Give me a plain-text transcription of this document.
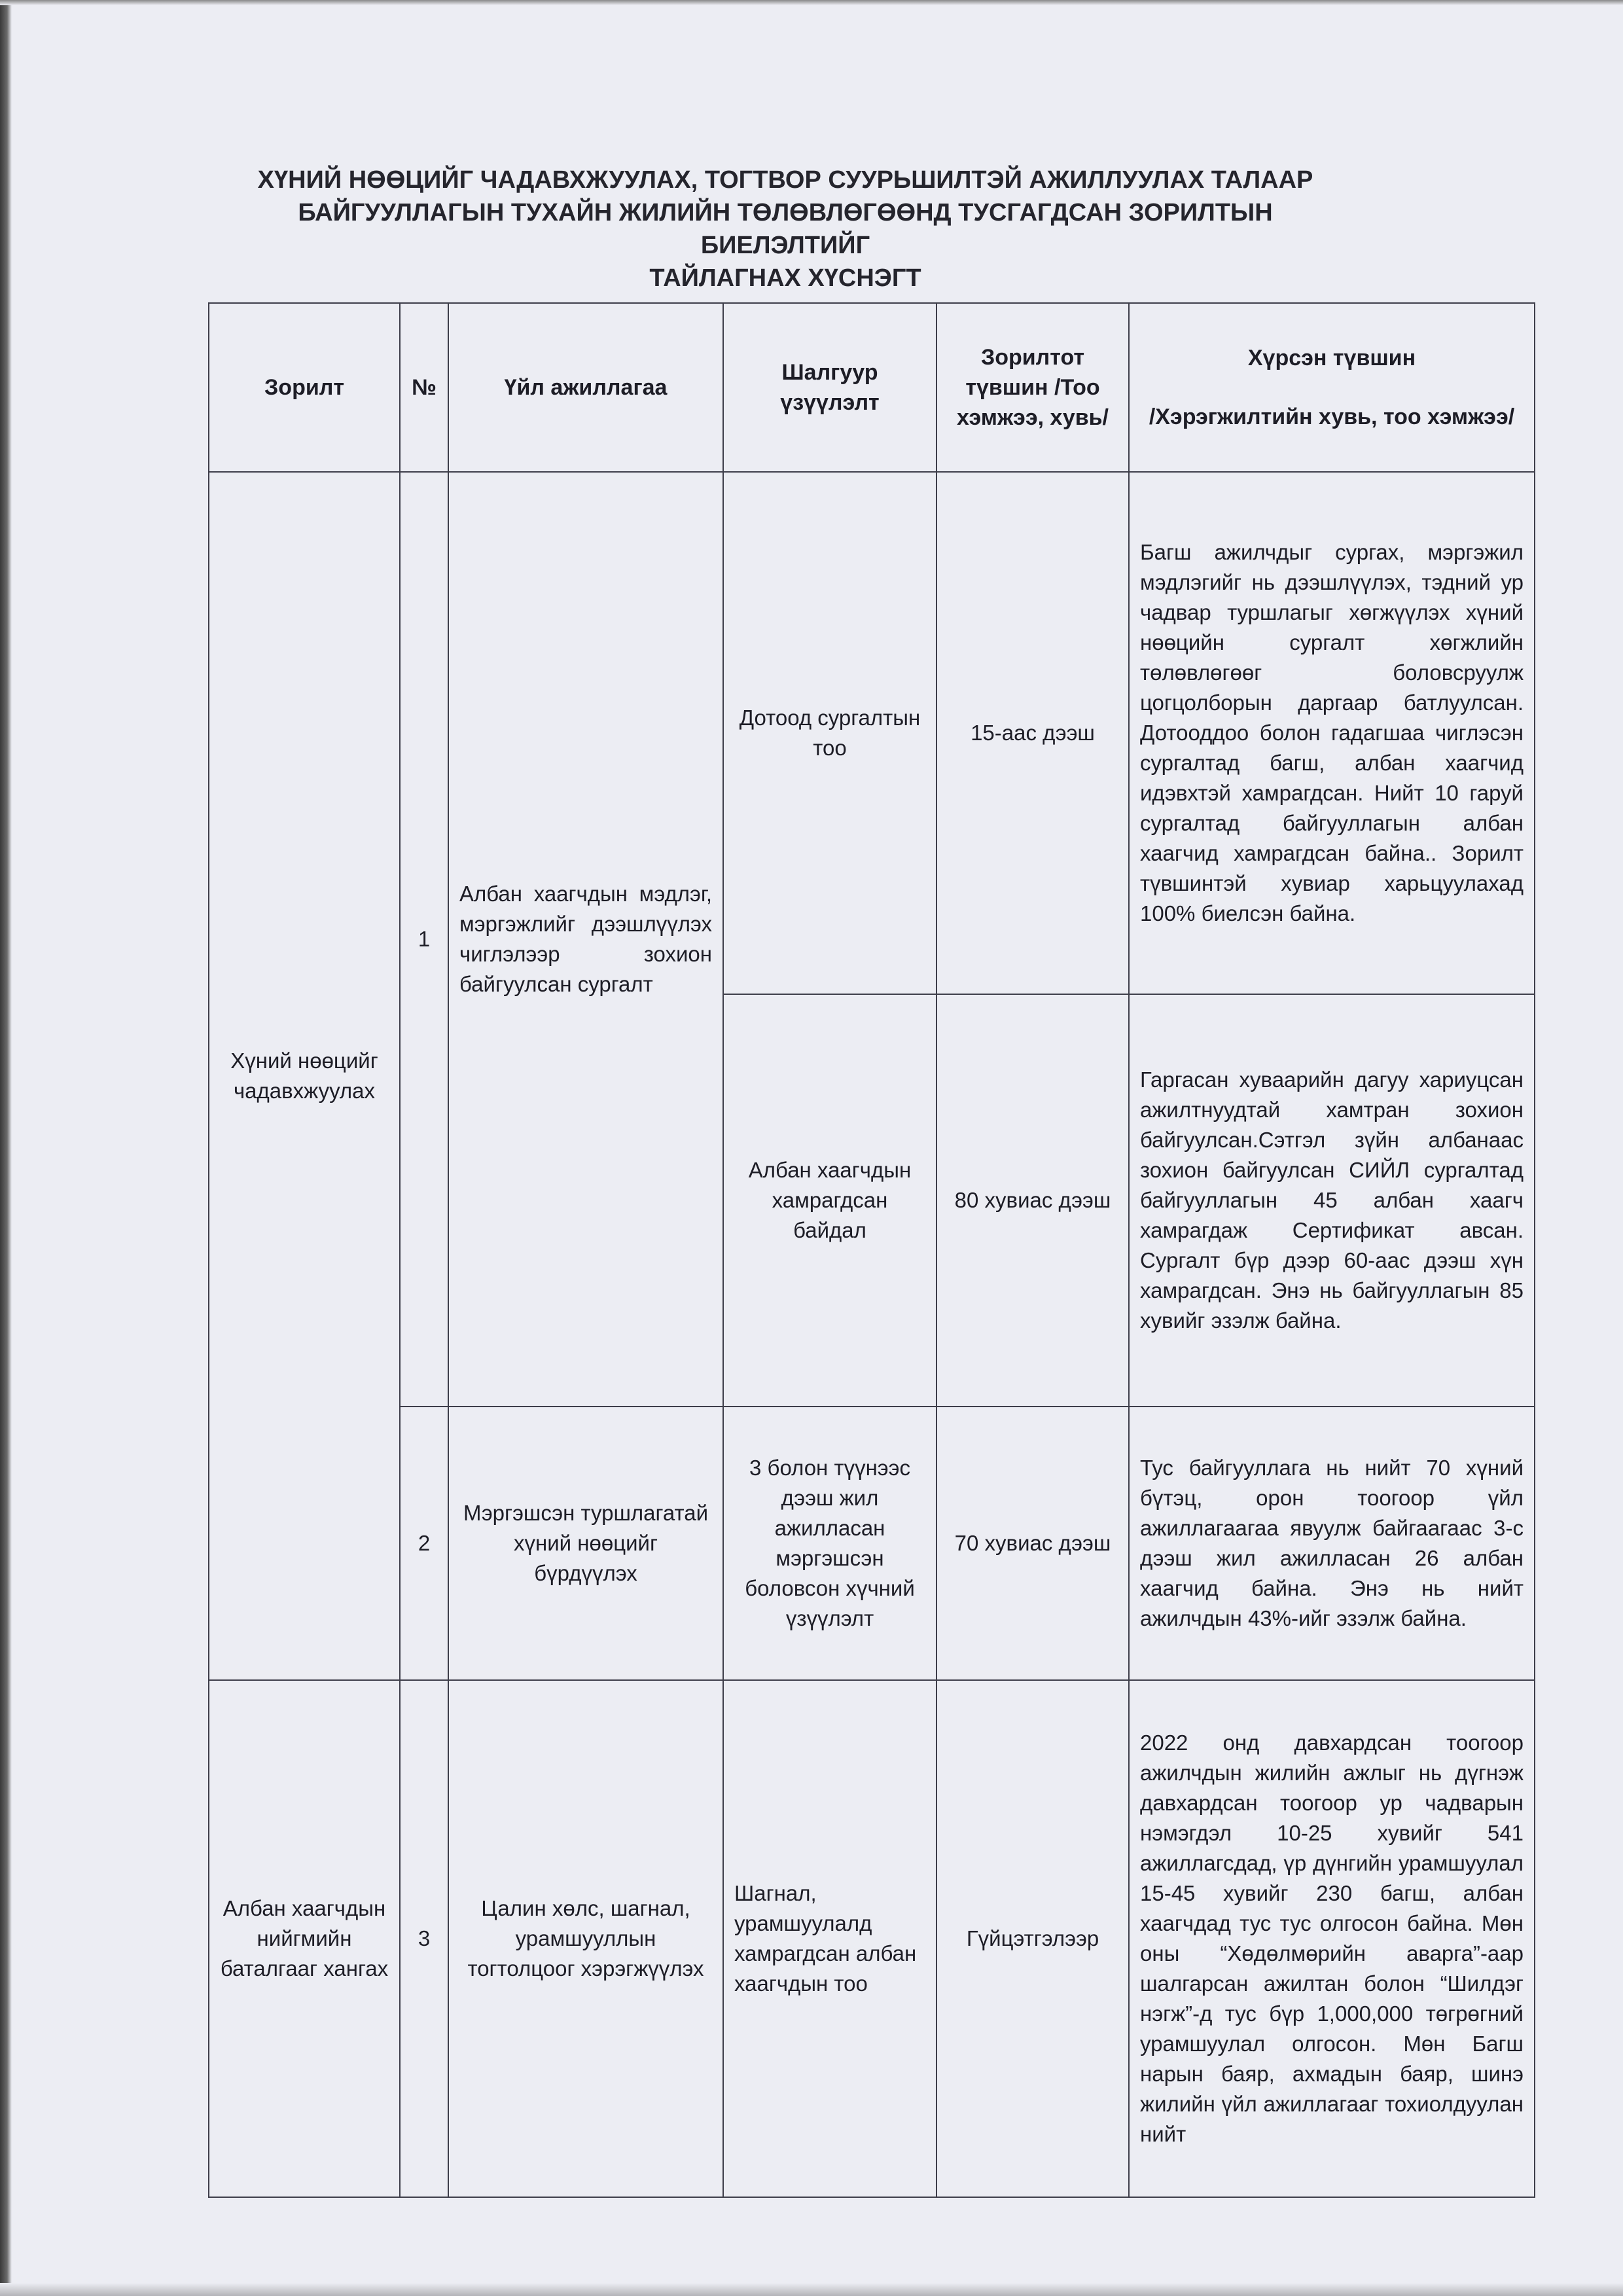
ХҮНИЙ НӨӨЦИЙГ ЧАДАВХЖУУЛАХ, ТОГТВОР СУУРЬШИЛТЭЙ АЖИЛЛУУЛАХ ТАЛААР
БАЙГУУЛЛАГЫН ТУХАЙН ЖИЛИЙН ТӨЛӨВЛӨГӨӨНД ТУСГАГДСАН ЗОРИЛТЫН БИЕЛЭЛТИЙГ
ТАЙЛАГНАХ ХҮСНЭГТ
Зорилт	№	Үйл ажиллагаа	Шалгуур үзүүлэлт	Зорилтот түвшин /Тоо хэмжээ, хувь/	Хүрсэн түвшин
/Хэрэгжилтийн хувь, тоо хэмжээ/
Хүний нөөцийг чадавхжуулах	1	Албан хаагчдын мэдлэг, мэргэжлийг дээшлүүлэх чиглэлээр зохион байгуулсан сургалт	Дотоод сургалтын тоо	15-аас дээш	Багш ажилчдыг сургах, мэргэжил мэдлэгийг нь дээшлүүлэх, тэдний ур чадвар туршлагыг хөгжүүлэх хүний нөөцийн сургалт хөгжлийн төлөвлөгөөг боловсруулж цогцолборын даргаар батлуулсан. Дотооддоо болон гадагшаа чиглэсэн сургалтад багш, албан хаагчид идэвхтэй хамрагдсан. Нийт 10 гаруй сургалтад байгууллагын албан хаагчид хамрагдсан байна.. Зорилт түвшинтэй хувиар харьцуулахад 100% биелсэн байна.
			Албан хаагчдын хамрагдсан байдал	80 хувиас дээш	Гаргасан хуваарийн дагуу хариуцсан ажилтнуудтай хамтран зохион байгуулсан.Сэтгэл зүйн албанаас зохион байгуулсан СИЙЛ сургалтад байгууллагын 45 албан хаагч хамрагдаж Сертификат авсан. Сургалт бүр дээр 60-аас дээш хүн хамрагдсан. Энэ нь байгууллагын 85 хувийг эзэлж байна.
	2	Мэргэшсэн туршлагатай хүний нөөцийг бүрдүүлэх	3 болон түүнээс дээш жил ажилласан мэргэшсэн боловсон хүчний үзүүлэлт	70 хувиас дээш	Тус байгууллага нь нийт 70 хүний бүтэц, орон тоогоор үйл ажиллагаагаа явуулж байгаагаас 3-с дээш жил ажилласан 26 албан хаагчид байна. Энэ нь нийт ажилчдын 43%-ийг эзэлж байна.
Албан хаагчдын нийгмийн баталгааг хангах	3	Цалин хөлс, шагнал, урамшууллын тогтолцоог хэрэгжүүлэх	Шагнал, урамшуулалд хамрагдсан албан хаагчдын тоо	Гүйцэтгэлээр	2022 онд давхардсан тоогоор ажилчдын жилийн ажлыг нь дүгнэж давхардсан тоогоор ур чадварын нэмэгдэл 10-25 хувийг 541 ажиллагсдад, үр дүнгийн урамшуулал 15-45 хувийг 230 багш, албан хаагчдад тус тус олгосон байна. Мөн оны “Хөдөлмөрийн аварга”-аар шалгарсан ажилтан болон “Шилдэг нэгж”-д тус бүр 1,000,000 төгрөгний урамшуулал олгосон. Мөн Багш нарын баяр, ахмадын баяр, шинэ жилийн үйл ажиллагааг тохиолдуулан нийт
